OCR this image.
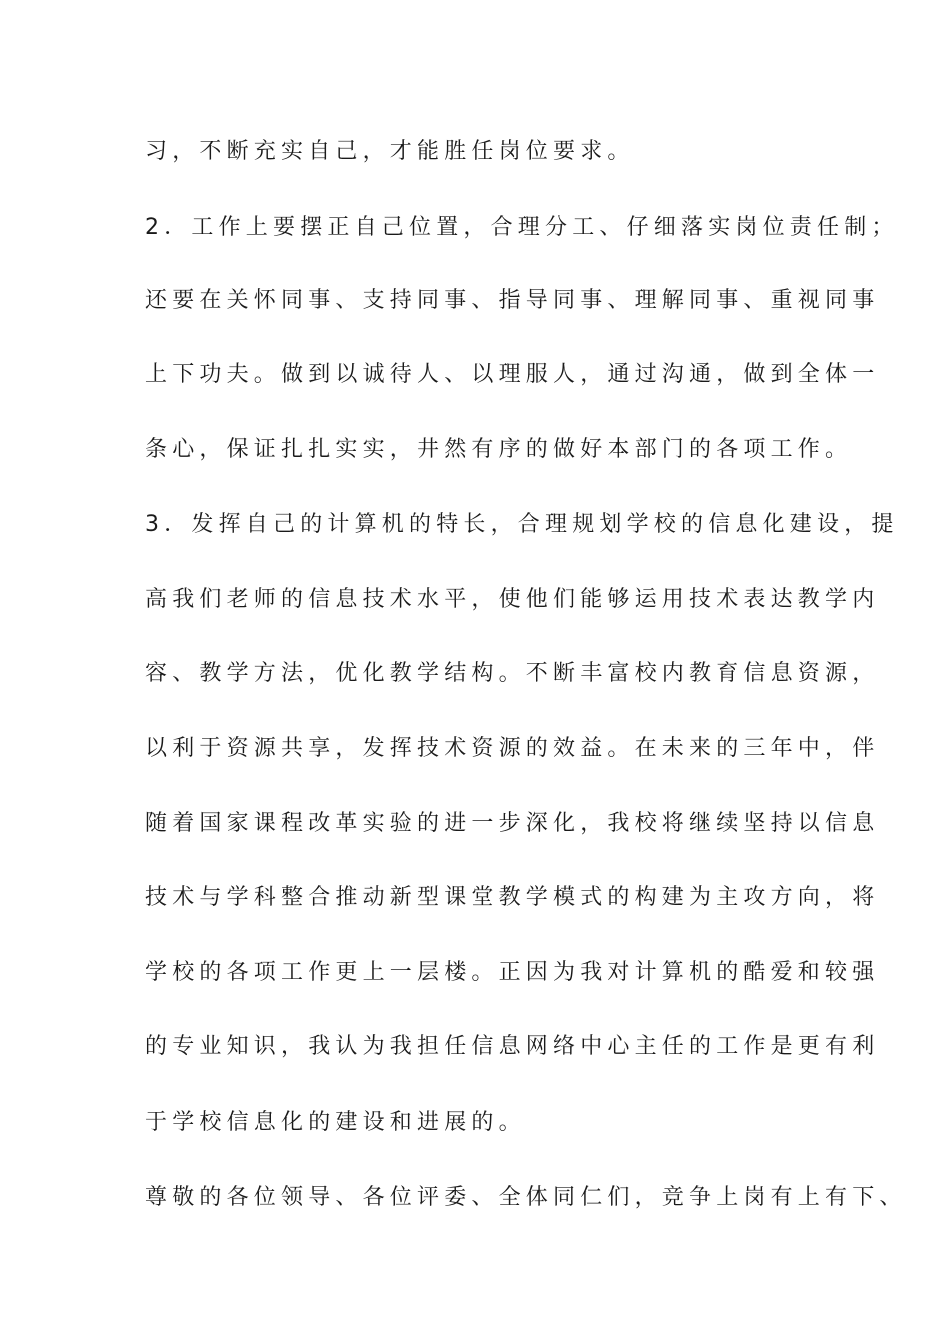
习，不断充实自己，才能胜任岗位要求。
2．工作上要摆正自己位置，合理分工、仔细落实岗位责任制；
还要在关怀同事、支持同事、指导同事、理解同事、重视同事
上下功夫。做到以诚待人、以理服人，通过沟通，做到全体一
条心，保证扎扎实实，井然有序的做好本部门的各项工作。
3．发挥自己的计算机的特长，合理规划学校的信息化建设，提
高我们老师的信息技术水平，使他们能够运用技术表达教学内
容、教学方法，优化教学结构。不断丰富校内教育信息资源，
以利于资源共享，发挥技术资源的效益。在未来的三年中，伴
随着国家课程改革实验的进一步深化，我校将继续坚持以信息
技术与学科整合推动新型课堂教学模式的构建为主攻方向，将
学校的各项工作更上一层楼。正因为我对计算机的酷爱和较强
的专业知识，我认为我担任信息网络中心主任的工作是更有利
于学校信息化的建设和进展的。
尊敬的各位领导、各位评委、全体同仁们，竞争上岗有上有下、
